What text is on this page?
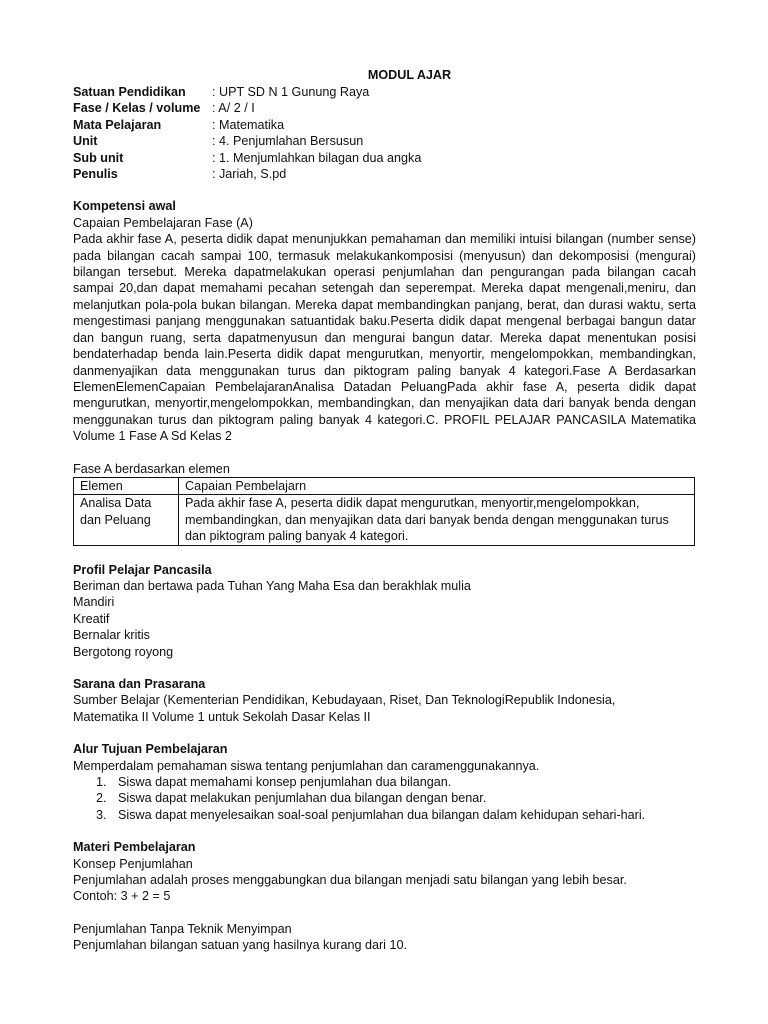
MODUL AJAR
Satuan Pendidikan	: UPT SD N 1 Gunung Raya
Fase / Kelas / volume	: A/ 2 / I
Mata Pelajaran	: Matematika
Unit	: 4. Penjumlahan Bersusun
Sub unit	: 1. Menjumlahkan bilagan dua angka
Penulis	: Jariah, S.pd
Kompetensi awal
Capaian Pembelajaran Fase (A)
Pada akhir fase A, peserta didik dapat menunjukkan pemahaman dan memiliki intuisi bilangan (number sense) pada bilangan cacah sampai 100, termasuk melakukankomposisi (menyusun) dan dekomposisi (mengurai) bilangan tersebut. Mereka dapatmelakukan operasi penjumlahan dan pengurangan pada bilangan cacah sampai 20,dan dapat memahami pecahan setengah dan seperempat. Mereka dapat mengenali,meniru, dan melanjutkan pola-pola bukan bilangan. Mereka dapat membandingkan panjang, berat, dan durasi waktu, serta mengestimasi panjang menggunakan satuantidak baku.Peserta didik dapat mengenal berbagai bangun datar dan bangun ruang, serta dapatmenyusun dan mengurai bangun datar. Mereka dapat menentukan posisi bendaterhadap benda lain.Peserta didik dapat mengurutkan, menyortir, mengelompokkan, membandingkan, danmenyajikan data menggunakan turus dan piktogram paling banyak 4 kategori.Fase A Berdasarkan ElemenElemenCapaian PembelajaranAnalisa Datadan PeluangPada akhir fase A, peserta didik dapat mengurutkan, menyortir,mengelompokkan, membandingkan, dan menyajikan data dari banyak benda dengan menggunakan turus dan piktogram paling banyak 4 kategori.C. PROFIL PELAJAR PANCASILA Matematika Volume 1 Fase A Sd Kelas 2
Fase A berdasarkan elemen
Elemen	Capaian Pembelajarn
Analisa Data dan Peluang	Pada akhir fase A, peserta didik dapat mengurutkan, menyortir,mengelompokkan, membandingkan, dan menyajikan data dari banyak benda dengan menggunakan turus dan piktogram paling banyak 4 kategori.
Profil Pelajar Pancasila
Beriman dan bertawa pada Tuhan Yang Maha Esa dan berakhlak mulia
Mandiri
Kreatif
Bernalar kritis
Bergotong royong
Sarana dan Prasarana
Sumber Belajar (Kementerian Pendidikan, Kebudayaan, Riset, Dan TeknologiRepublik Indonesia,
Matematika II Volume 1 untuk Sekolah Dasar Kelas II
Alur Tujuan Pembelajaran
Memperdalam pemahaman siswa tentang penjumlahan dan caramenggunakannya.
1. Siswa dapat memahami konsep penjumlahan dua bilangan.
2. Siswa dapat melakukan penjumlahan dua bilangan dengan benar.
3. Siswa dapat menyelesaikan soal-soal penjumlahan dua bilangan dalam kehidupan sehari-hari.
Materi Pembelajaran
Konsep Penjumlahan
Penjumlahan adalah proses menggabungkan dua bilangan menjadi satu bilangan yang lebih besar.
Contoh: 3 + 2 = 5
Penjumlahan Tanpa Teknik Menyimpan
Penjumlahan bilangan satuan yang hasilnya kurang dari 10.
